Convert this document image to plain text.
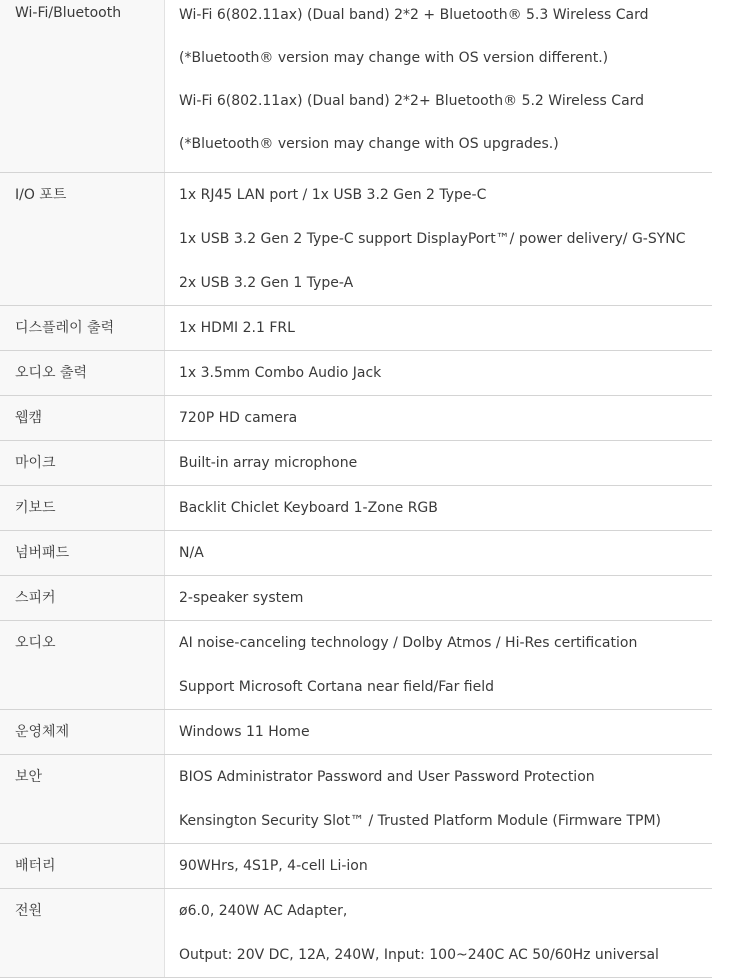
Wi-Fi/Bluetooth	Wi-Fi 6(802.11ax) (Dual band) 2*2 + Bluetooth® 5.3 Wireless Card
(*Bluetooth® version may change with OS version different.)
Wi-Fi 6(802.11ax) (Dual band) 2*2+ Bluetooth® 5.2 Wireless Card
(*Bluetooth® version may change with OS upgrades.)
I/O 포트	1x RJ45 LAN port / 1x USB 3.2 Gen 2 Type-C
1x USB 3.2 Gen 2 Type-C support DisplayPort™/ power delivery/ G-SYNC
2x USB 3.2 Gen 1 Type-A
디스플레이 출력	1x HDMI 2.1 FRL
오디오 출력	1x 3.5mm Combo Audio Jack
웹캠	720P HD camera
마이크	Built-in array microphone
키보드	Backlit Chiclet Keyboard 1-Zone RGB
넘버패드	N/A
스피커	2-speaker system
오디오	AI noise-canceling technology / Dolby Atmos / Hi-Res certification
Support Microsoft Cortana near field/Far field
운영체제	Windows 11 Home
보안	BIOS Administrator Password and User Password Protection
Kensington Security Slot™ / Trusted Platform Module (Firmware TPM)
배터리	90WHrs, 4S1P, 4-cell Li-ion
전원	ø6.0, 240W AC Adapter,
Output: 20V DC, 12A, 240W, Input: 100~240C AC 50/60Hz universal
